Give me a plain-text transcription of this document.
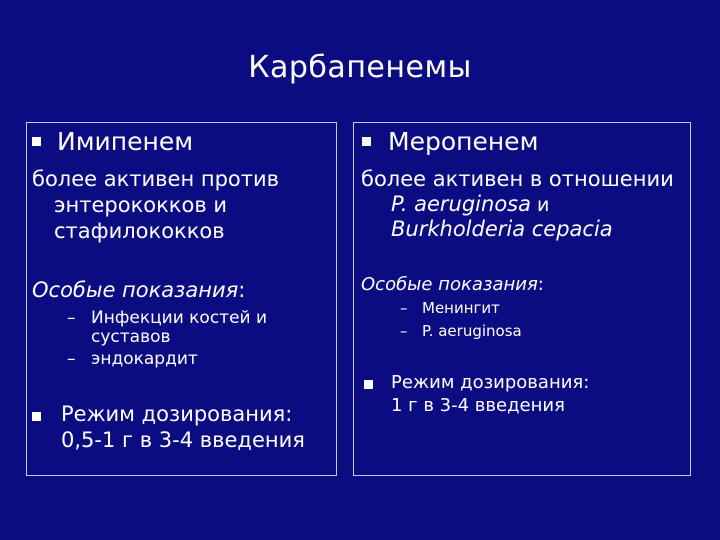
Карбапенемы
Имипенем
более активен против
энтерококков и
стафилококков
Особые показания:
– Инфекции костей и
суставов
– эндокардит
Режим дозирования:
0,5-1 г в 3-4 введения
Меропенем
более активен в отношении
P. aeruginosa и
Burkholderia cepacia
Особые показания:
– Менингит
– P. aeruginosa
Режим дозирования:
1 г в 3-4 введения
